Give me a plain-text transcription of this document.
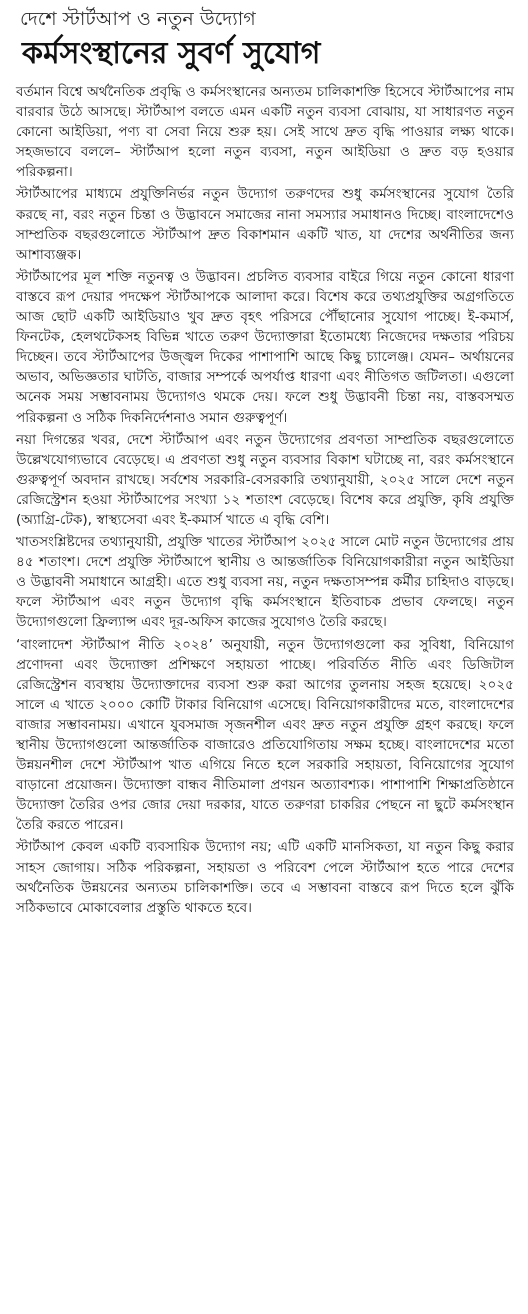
দেশে স্টার্টআপ ও নতুন উদ্যোগ
কর্মসংস্থানের সুবর্ণ সুযোগ

বর্তমান বিশ্বে অর্থনৈতিক প্রবৃদ্ধি ও কর্মসংস্থানের অন্যতম চালিকাশক্তি হিসেবে স্টার্টআপের নাম বারবার উঠে আসছে। স্টার্টআপ বলতে এমন একটি নতুন ব্যবসা বোঝায়, যা সাধারণত নতুন কোনো আইডিয়া, পণ্য বা সেবা নিয়ে শুরু হয়। সেই সাথে দ্রুত বৃদ্ধি পাওয়ার লক্ষ্য থাকে। সহজভাবে বললে– স্টার্টআপ হলো নতুন ব্যবসা, নতুন আইডিয়া ও দ্রুত বড় হওয়ার পরিকল্পনা।

স্টার্টআপের মাধ্যমে প্রযুক্তিনির্ভর নতুন উদ্যোগ তরুণদের শুধু কর্মসংস্থানের সুযোগ তৈরি করছে না, বরং নতুন চিন্তা ও উদ্ভাবনে সমাজের নানা সমস্যার সমাধানও দিচ্ছে। বাংলাদেশেও সাম্প্রতিক বছরগুলোতে স্টার্টআপ দ্রুত বিকাশমান একটি খাত, যা দেশের অর্থনীতির জন্য আশাব্যঞ্জক।

স্টার্টআপের মূল শক্তি নতুনত্ব ও উদ্ভাবন। প্রচলিত ব্যবসার বাইরে গিয়ে নতুন কোনো ধারণা বাস্তবে রূপ দেয়ার পদক্ষেপ স্টার্টআপকে আলাদা করে। বিশেষ করে তথ্যপ্রযুক্তির অগ্রগতিতে আজ ছোট একটি আইডিয়াও খুব দ্রুত বৃহৎ পরিসরে পৌঁছানোর সুযোগ পাচ্ছে। ই-কমার্স, ফিনটেক, হেলথটেকসহ বিভিন্ন খাতে তরুণ উদ্যোক্তারা ইতোমধ্যে নিজেদের দক্ষতার পরিচয় দিচ্ছেন। তবে স্টার্টআপের উজ্জ্বল দিকের পাশাপাশি আছে কিছু চ্যালেঞ্জ। যেমন– অর্থায়নের অভাব, অভিজ্ঞতার ঘাটতি, বাজার সম্পর্কে অপর্যাপ্ত ধারণা এবং নীতিগত জটিলতা। এগুলো অনেক সময় সম্ভাবনাময় উদ্যোগও থমকে দেয়। ফলে শুধু উদ্ভাবনী চিন্তা নয়, বাস্তবসম্মত পরিকল্পনা ও সঠিক দিকনির্দেশনাও সমান গুরুত্বপূর্ণ।

নয়া দিগন্তের খবর, দেশে স্টার্টআপ এবং নতুন উদ্যোগের প্রবণতা সাম্প্রতিক বছরগুলোতে উল্লেখযোগ্যভাবে বেড়েছে। এ প্রবণতা শুধু নতুন ব্যবসার বিকাশ ঘটাচ্ছে না, বরং কর্মসংস্থানে গুরুত্বপূর্ণ অবদান রাখছে। সর্বশেষ সরকারি-বেসরকারি তথ্যানুযায়ী, ২০২৫ সালে দেশে নতুন রেজিস্ট্রেশন হওয়া স্টার্টআপের সংখ্যা ১২ শতাংশ বেড়েছে। বিশেষ করে প্রযুক্তি, কৃষি প্রযুক্তি (অ্যাগ্রি-টেক), স্বাস্থ্যসেবা এবং ই-কমার্স খাতে এ বৃদ্ধি বেশি।

খাতসংশ্লিষ্টদের তথ্যানুযায়ী, প্রযুক্তি খাতের স্টার্টআপ ২০২৫ সালে মোট নতুন উদ্যোগের প্রায় ৪৫ শতাংশ। দেশে প্রযুক্তি স্টার্টআপে স্থানীয় ও আন্তর্জাতিক বিনিয়োগকারীরা নতুন আইডিয়া ও উদ্ভাবনী সমাধানে আগ্রহী। এতে শুধু ব্যবসা নয়, নতুন দক্ষতাসম্পন্ন কর্মীর চাহিদাও বাড়ছে। ফলে স্টার্টআপ এবং নতুন উদ্যোগ বৃদ্ধি কর্মসংস্থানে ইতিবাচক প্রভাব ফেলছে। নতুন উদ্যোগগুলো ফ্রিল্যান্স এবং দূর-অফিস কাজের সুযোগও তৈরি করছে।

‘বাংলাদেশ স্টার্টআপ নীতি ২০২৪’ অনুযায়ী, নতুন উদ্যোগগুলো কর সুবিধা, বিনিয়োগ প্রণোদনা এবং উদ্যোক্তা প্রশিক্ষণে সহায়তা পাচ্ছে। পরিবর্তিত নীতি এবং ডিজিটাল রেজিস্ট্রেশন ব্যবস্থায় উদ্যোক্তাদের ব্যবসা শুরু করা আগের তুলনায় সহজ হয়েছে। ২০২৫ সালে এ খাতে ২০০০ কোটি টাকার বিনিয়োগ এসেছে। বিনিয়োগকারীদের মতে, বাংলাদেশের বাজার সম্ভাবনাময়। এখানে যুবসমাজ সৃজনশীল এবং দ্রুত নতুন প্রযুক্তি গ্রহণ করছে। ফলে স্থানীয় উদ্যোগগুলো আন্তর্জাতিক বাজারেও প্রতিযোগিতায় সক্ষম হচ্ছে। বাংলাদেশের মতো উন্নয়নশীল দেশে স্টার্টআপ খাত এগিয়ে নিতে হলে সরকারি সহায়তা, বিনিয়োগের সুযোগ বাড়ানো প্রয়োজন। উদ্যোক্তা বান্ধব নীতিমালা প্রণয়ন অত্যাবশ্যক। পাশাপাশি শিক্ষাপ্রতিষ্ঠানে উদ্যোক্তা তৈরির ওপর জোর দেয়া দরকার, যাতে তরুণরা চাকরির পেছনে না ছুটে কর্মসংস্থান তৈরি করতে পারেন।

স্টার্টআপ কেবল একটি ব্যবসায়িক উদ্যোগ নয়; এটি একটি মানসিকতা, যা নতুন কিছু করার সাহস জোগায়। সঠিক পরিকল্পনা, সহায়তা ও পরিবেশ পেলে স্টার্টআপ হতে পারে দেশের অর্থনৈতিক উন্নয়নের অন্যতম চালিকাশক্তি। তবে এ সম্ভাবনা বাস্তবে রূপ দিতে হলে ঝুঁকি সঠিকভাবে মোকাবেলার প্রস্তুতি থাকতে হবে।
